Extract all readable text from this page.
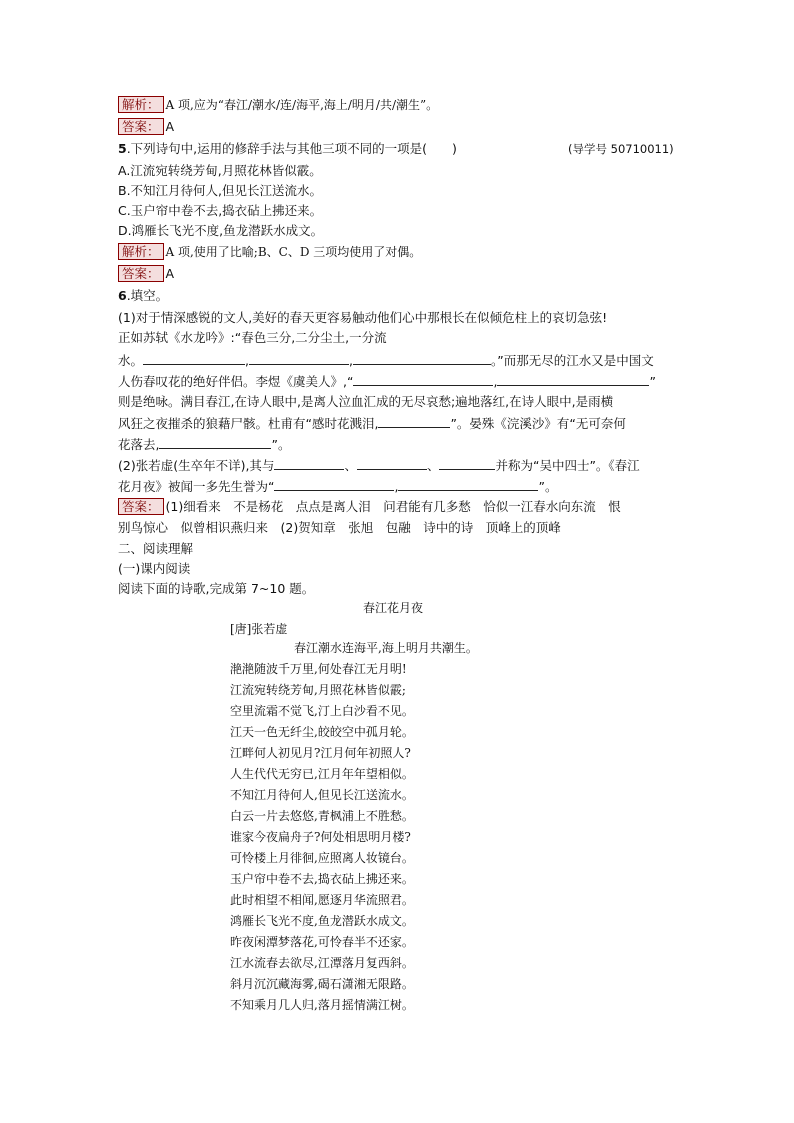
解析： A 项,应为“春江/潮水/连/海平,海上/明月/共/潮生”。
答案： A
5.下列诗句中,运用的修辞手法与其他三项不同的一项是(　　)	(导学号 50710011)
A.江流宛转绕芳甸,月照花林皆似霰。
B.不知江月待何人,但见长江送流水。
C.玉户帘中卷不去,捣衣砧上拂还来。
D.鸿雁长飞光不度,鱼龙潜跃水成文。
解析： A 项,使用了比喻;B、C、D 三项均使用了对偶。
答案： A
6.填空。
(1)对于情深感锐的文人,美好的春天更容易触动他们心中那根长在似倾危柱上的哀切急弦!
正如苏轼《水龙吟》:“春色三分,二分尘土,一分流
水。	,	,	。”而那无尽的江水又是中国文
人伤春叹花的绝好伴侣。李煜《虞美人》,“	,	”
则是绝咏。满目春江,在诗人眼中,是离人泣血汇成的无尽哀愁;遍地落红,在诗人眼中,是雨横
风狂之夜摧杀的狼藉尸骸。杜甫有“感时花溅泪,	”。晏殊《浣溪沙》有“无可奈何
花落去,	”。
(2)张若虚(生卒年不详),其与	、	、	并称为“吴中四士”。《春江
花月夜》被闻一多先生誉为“	,	”。
答案： (1)细看来　不是杨花　点点是离人泪　问君能有几多愁　恰似一江春水向东流　恨
别鸟惊心　似曾相识燕归来　(2)贺知章　张旭　包融　诗中的诗　顶峰上的顶峰
二、阅读理解
(一)课内阅读
阅读下面的诗歌,完成第 7~10 题。
春江花月夜
[唐]张若虚
春江潮水连海平,海上明月共潮生。
滟滟随波千万里,何处春江无月明!
江流宛转绕芳甸,月照花林皆似霰;
空里流霜不觉飞,汀上白沙看不见。
江天一色无纤尘,皎皎空中孤月轮。
江畔何人初见月?江月何年初照人?
人生代代无穷已,江月年年望相似。
不知江月待何人,但见长江送流水。
白云一片去悠悠,青枫浦上不胜愁。
谁家今夜扁舟子?何处相思明月楼?
可怜楼上月徘徊,应照离人妆镜台。
玉户帘中卷不去,捣衣砧上拂还来。
此时相望不相闻,愿逐月华流照君。
鸿雁长飞光不度,鱼龙潜跃水成文。
昨夜闲潭梦落花,可怜春半不还家。
江水流春去欲尽,江潭落月复西斜。
斜月沉沉藏海雾,碣石潇湘无限路。
不知乘月几人归,落月摇情满江树。
